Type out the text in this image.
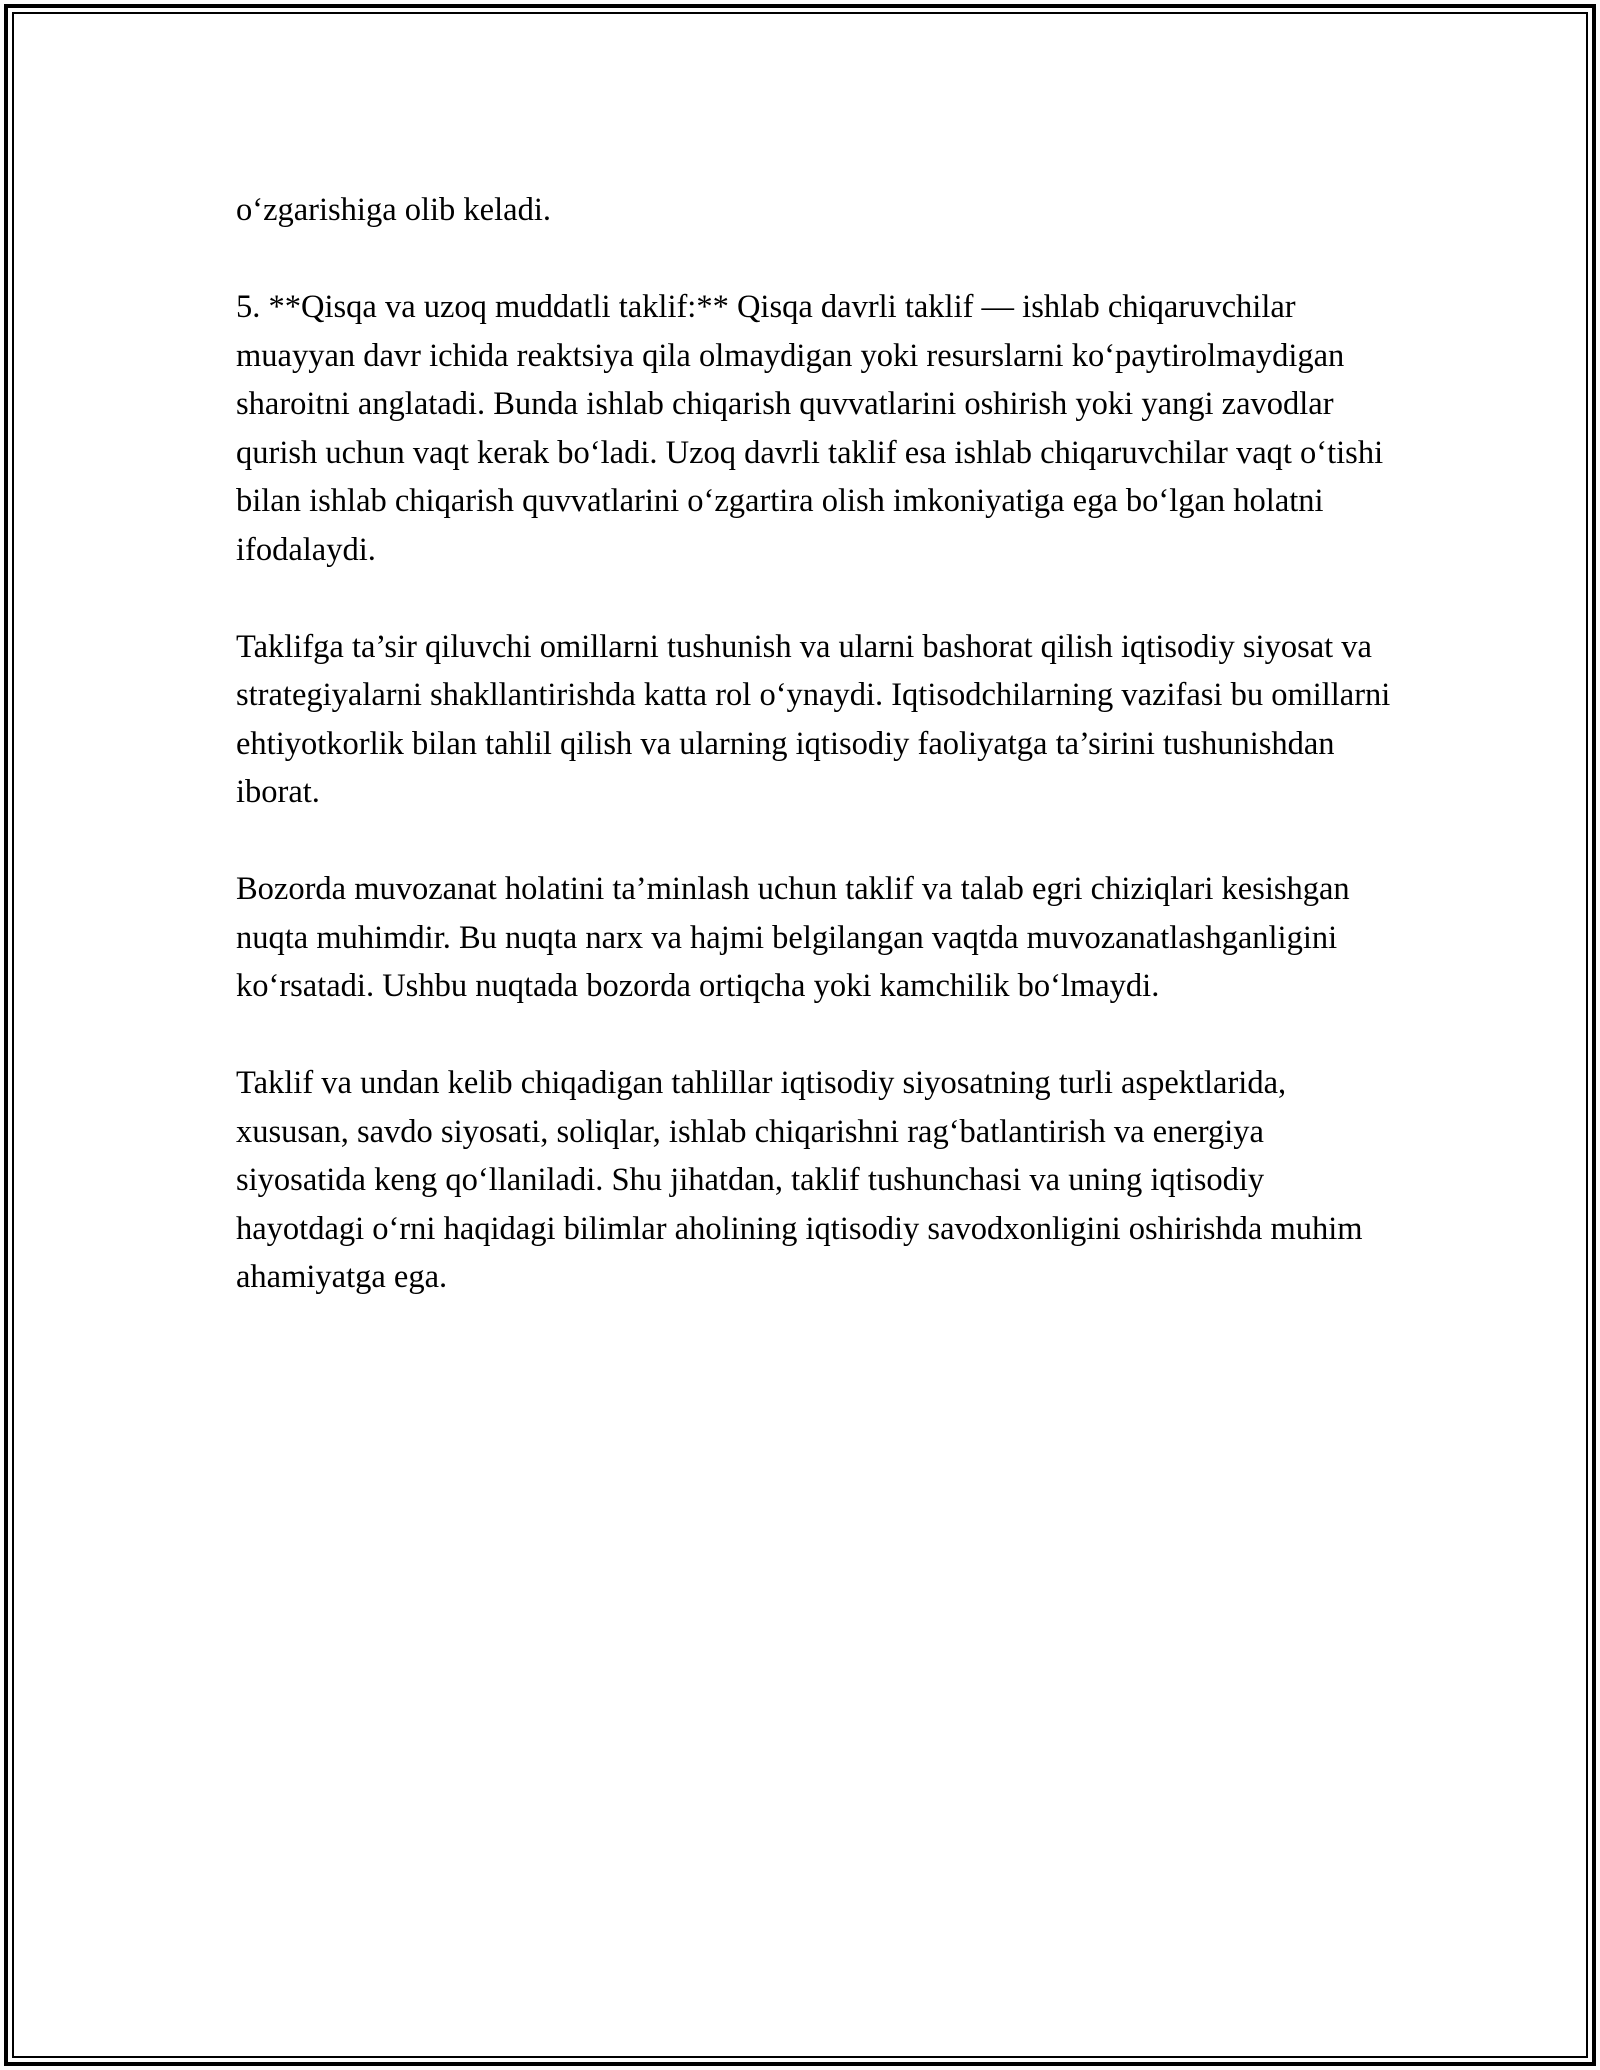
o‘zgarishiga olib keladi.

5. **Qisqa va uzoq muddatli taklif:** Qisqa davrli taklif — ishlab chiqaruvchilar muayyan davr ichida reaktsiya qila olmaydigan yoki resurslarni ko‘paytirolmaydigan sharoitni anglatadi. Bunda ishlab chiqarish quvvatlarini oshirish yoki yangi zavodlar qurish uchun vaqt kerak bo‘ladi. Uzoq davrli taklif esa ishlab chiqaruvchilar vaqt o‘tishi bilan ishlab chiqarish quvvatlarini o‘zgartira olish imkoniyatiga ega bo‘lgan holatni ifodalaydi.

Taklifga ta’sir qiluvchi omillarni tushunish va ularni bashorat qilish iqtisodiy siyosat va strategiyalarni shakllantirishda katta rol o‘ynaydi. Iqtisodchilarning vazifasi bu omillarni ehtiyotkorlik bilan tahlil qilish va ularning iqtisodiy faoliyatga ta’sirini tushunishdan iborat.

Bozorda muvozanat holatini ta’minlash uchun taklif va talab egri chiziqlari kesishgan nuqta muhimdir. Bu nuqta narx va hajmi belgilangan vaqtda muvozanatlashganligini ko‘rsatadi. Ushbu nuqtada bozorda ortiqcha yoki kamchilik bo‘lmaydi.

Taklif va undan kelib chiqadigan tahlillar iqtisodiy siyosatning turli aspektlarida, xususan, savdo siyosati, soliqlar, ishlab chiqarishni rag‘batlantirish va energiya siyosatida keng qo‘llaniladi. Shu jihatdan, taklif tushunchasi va uning iqtisodiy hayotdagi o‘rni haqidagi bilimlar aholining iqtisodiy savodxonligini oshirishda muhim ahamiyatga ega.
